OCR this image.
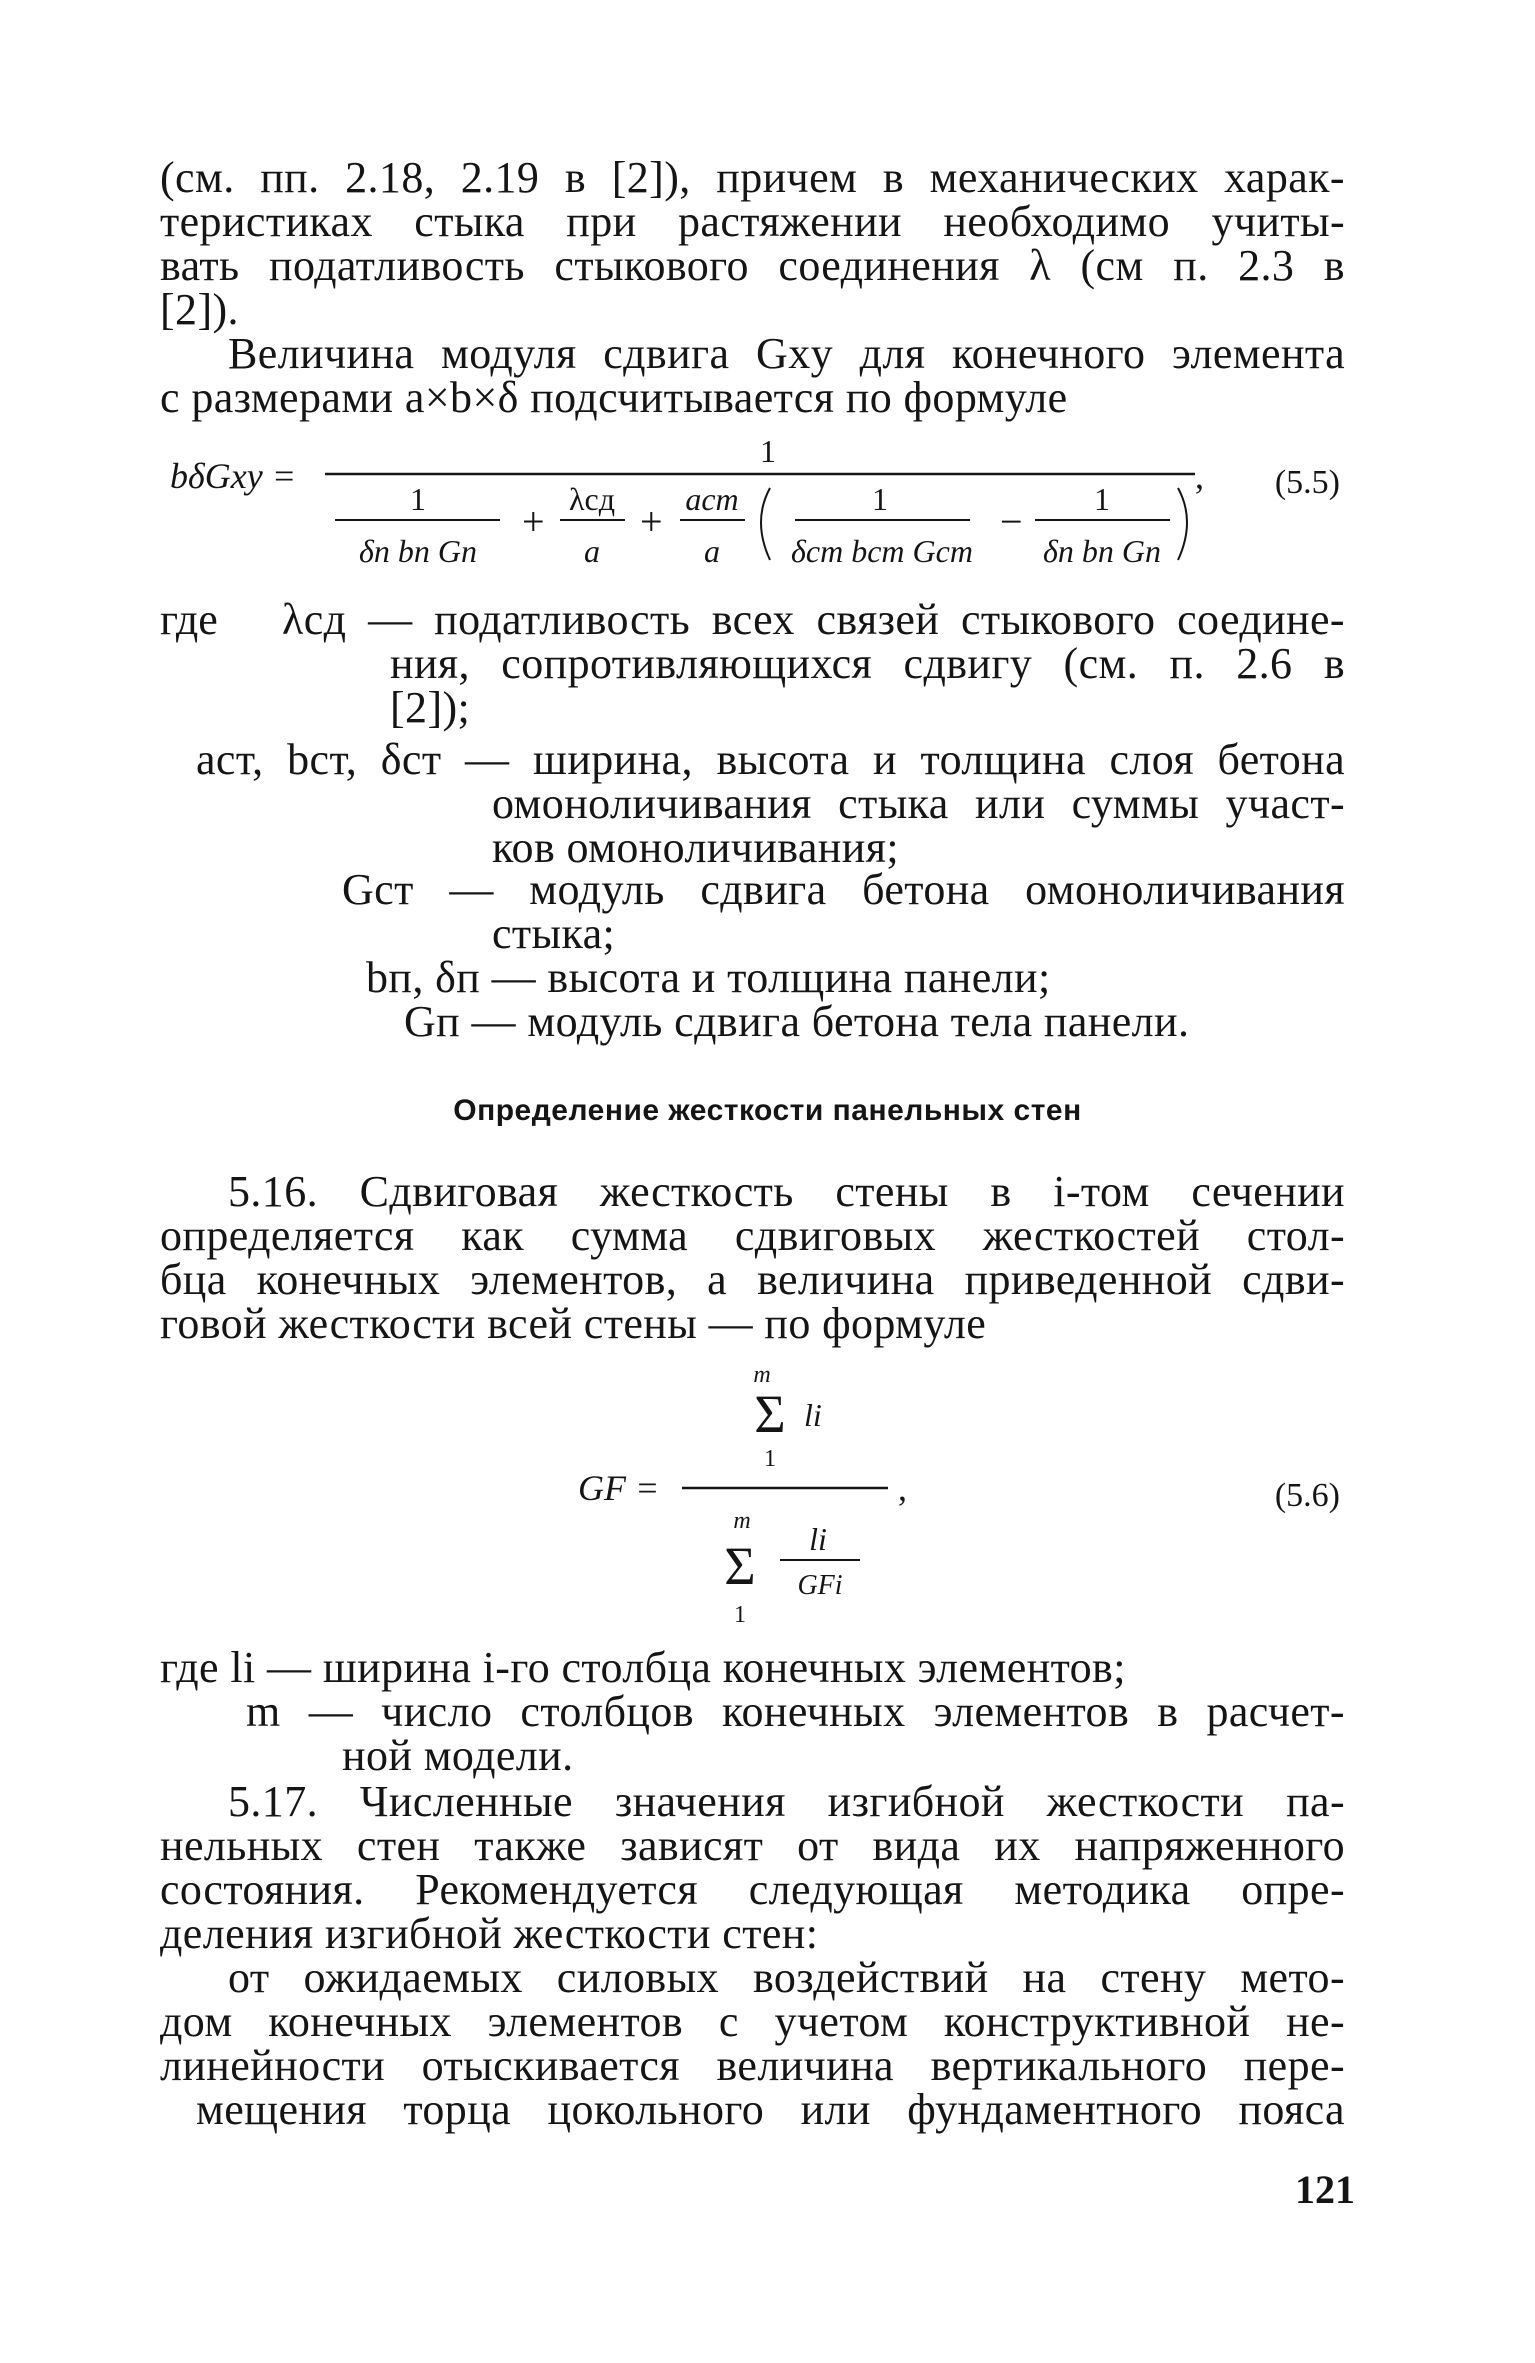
(см. пп. 2.18, 2.19 в [2]), причем в механических харак-
теристиках стыка при растяжении необходимо учиты-
вать податливость стыкового соединения λ (см п. 2.3 в
[2]).
Величина модуля сдвига Gxy для конечного элемента
с размерами a×b×δ подсчитывается по формуле
bδGxy =
1
1
δп bп Gп
+ λсд
a
+ aст
a
1
δст bст Gст
− 1
δп bп Gп
, (5.5)
где λсд — податливость всех связей стыкового соедине-
ния, сопротивляющихся сдвигу (см. п. 2.6 в
[2]);
aст, bст, δст — ширина, высота и толщина слоя бетона
омоноличивания стыка или суммы участ-
ков омоноличивания;
Gст — модуль сдвига бетона омоноличивания
стыка;
bп, δп — высота и толщина панели;
Gп — модуль сдвига бетона тела панели.
Определение жесткости панельных стен
5.16. Сдвиговая жесткость стены в i-том сечении
определяется как сумма сдвиговых жесткостей стол-
бца конечных элементов, а величина приведенной сдви-
говой жесткости всей стены — по формуле
m
Σ li
1
GF =	,
m
Σ li
GFi
1
(5.6)
где li — ширина i-го столбца конечных элементов;
m — число столбцов конечных элементов в расчет-
ной модели.
5.17. Численные значения изгибной жесткости па-
нельных стен также зависят от вида их напряженного
состояния. Рекомендуется следующая методика опре-
деления изгибной жесткости стен:
от ожидаемых силовых воздействий на стену мето-
дом конечных элементов с учетом конструктивной не-
линейности отыскивается величина вертикального пере-
мещения торца цокольного или фундаментного пояса
121
